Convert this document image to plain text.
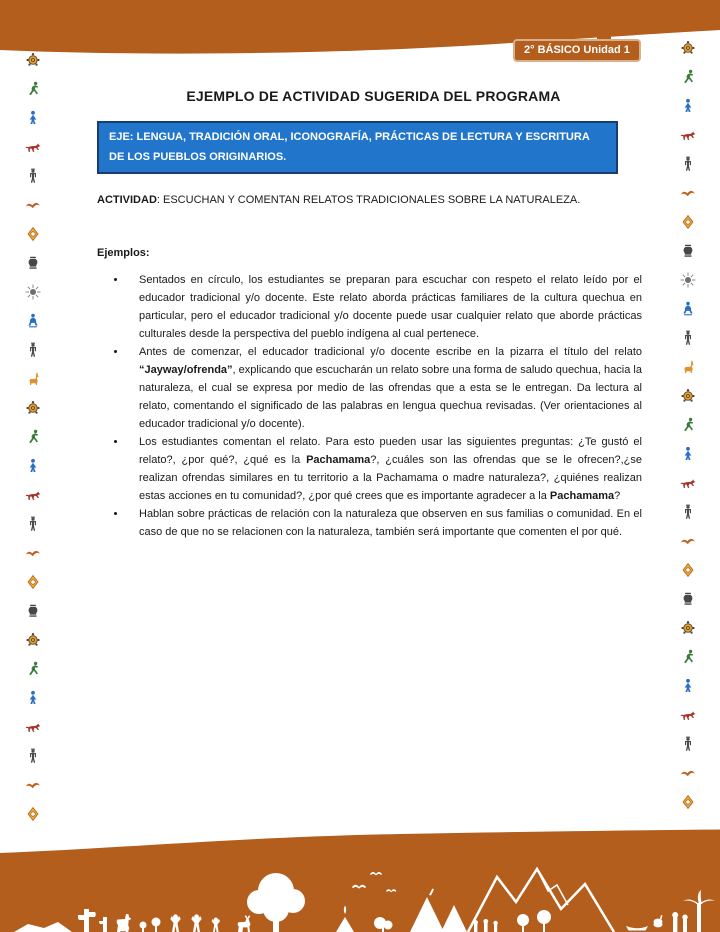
2° BÁSICO Unidad 1
EJEMPLO DE ACTIVIDAD SUGERIDA DEL PROGRAMA
EJE: LENGUA, TRADICIÓN ORAL, ICONOGRAFÍA, PRÁCTICAS DE LECTURA Y ESCRITURA DE LOS PUEBLOS ORIGINARIOS.

ACTIVIDAD: ESCUCHAN Y COMENTAN RELATOS TRADICIONALES SOBRE LA NATURALEZA.

Ejemplos:

• Sentados en círculo, los estudiantes se preparan para escuchar con respeto el relato leído por el educador tradicional y/o docente. Este relato aborda prácticas familiares de la cultura quechua en particular, pero el educador tradicional y/o docente puede usar cualquier relato que aborde prácticas culturales desde la perspectiva del pueblo indígena al cual pertenece.
• Antes de comenzar, el educador tradicional y/o docente escribe en la pizarra el título del relato “Jayway/ofrenda”, explicando que escucharán un relato sobre una forma de saludo quechua, hacia la naturaleza, el cual se expresa por medio de las ofrendas que a esta se le entregan. Da lectura al relato, comentando el significado de las palabras en lengua quechua revisadas. (Ver orientaciones al educador tradicional y/o docente).
• Los estudiantes comentan el relato. Para esto pueden usar las siguientes preguntas: ¿Te gustó el relato?, ¿por qué?, ¿qué es la Pachamama?, ¿cuáles son las ofrendas que se le ofrecen?,¿se realizan ofrendas similares en tu territorio a la Pachamama o madre naturaleza?, ¿quiénes realizan estas acciones en tu comunidad?, ¿por qué crees que es importante agradecer a la Pachamama?
• Hablan sobre prácticas de relación con la naturaleza que observen en sus familias o comunidad. En el caso de que no se relacionen con la naturaleza, también será importante que comenten el por qué.
